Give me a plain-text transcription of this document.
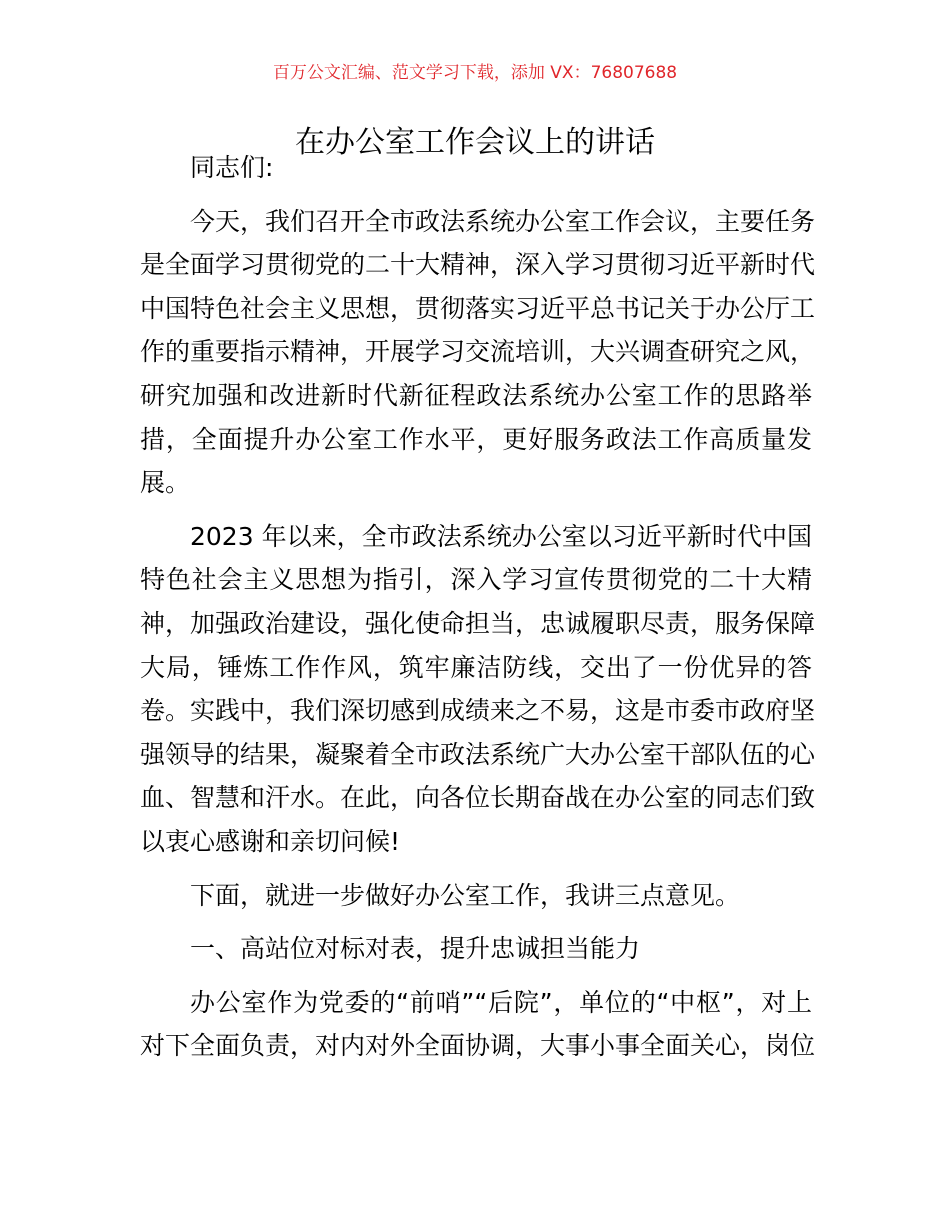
百万公文汇编、范文学习下载，添加 VX：76807688
在办公室工作会议上的讲话
同志们:
今天，我们召开全市政法系统办公室工作会议，主要任务
是全面学习贯彻党的二十大精神，深入学习贯彻习近平新时代
中国特色社会主义思想，贯彻落实习近平总书记关于办公厅工
作的重要指示精神，开展学习交流培训，大兴调查研究之风，
研究加强和改进新时代新征程政法系统办公室工作的思路举
措，全面提升办公室工作水平，更好服务政法工作高质量发
展。
2023 年以来，全市政法系统办公室以习近平新时代中国
特色社会主义思想为指引，深入学习宣传贯彻党的二十大精
神，加强政治建设，强化使命担当，忠诚履职尽责，服务保障
大局，锤炼工作作风，筑牢廉洁防线，交出了一份优异的答
卷。实践中，我们深切感到成绩来之不易，这是市委市政府坚
强领导的结果，凝聚着全市政法系统广大办公室干部队伍的心
血、智慧和汗水。在此，向各位长期奋战在办公室的同志们致
以衷心感谢和亲切问候!
下面，就进一步做好办公室工作，我讲三点意见。
一、高站位对标对表，提升忠诚担当能力
办公室作为党委的“前哨”“后院”，单位的“中枢”，对上
对下全面负责，对内对外全面协调，大事小事全面关心，岗位
